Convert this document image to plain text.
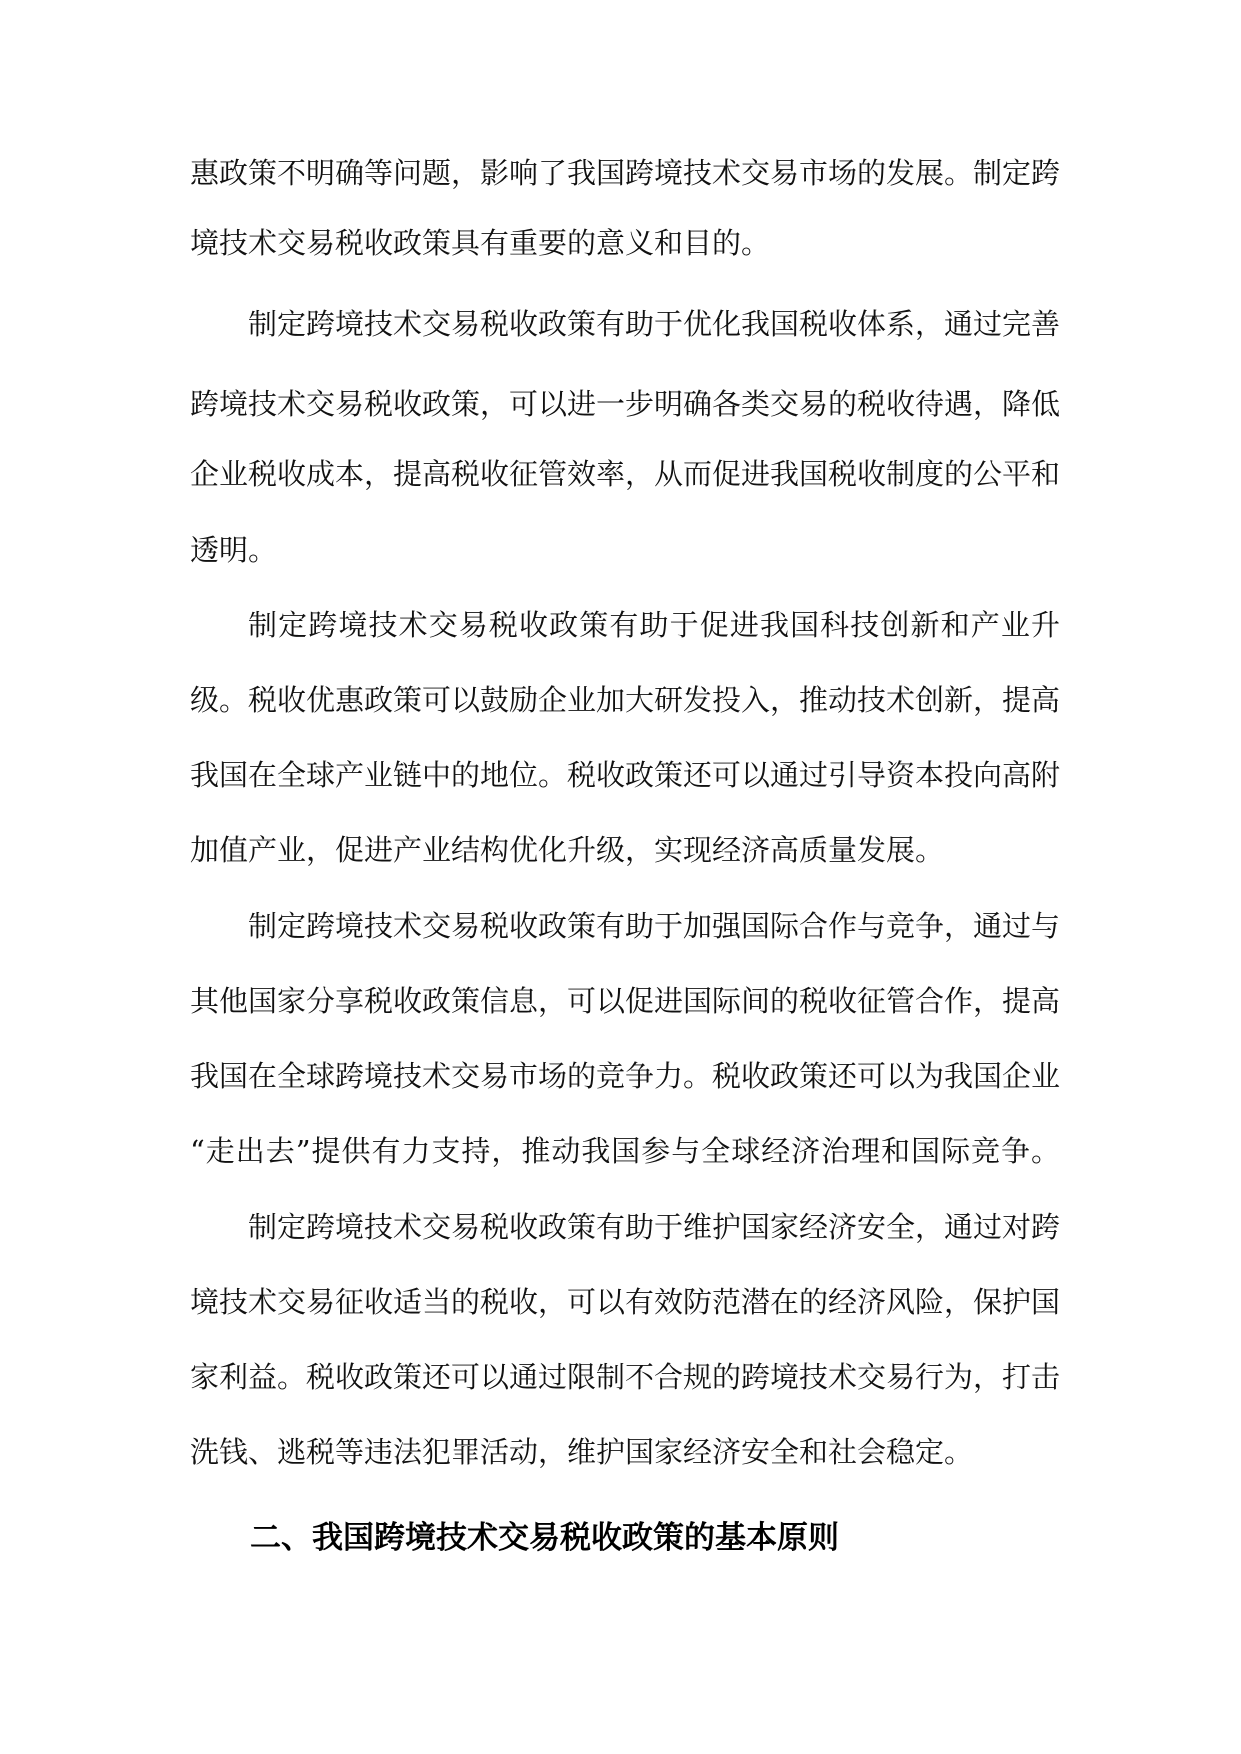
惠政策不明确等问题，影响了我国跨境技术交易市场的发展。制定跨
境技术交易税收政策具有重要的意义和目的。
制定跨境技术交易税收政策有助于优化我国税收体系，通过完善
跨境技术交易税收政策，可以进一步明确各类交易的税收待遇，降低
企业税收成本，提高税收征管效率，从而促进我国税收制度的公平和
透明。
制定跨境技术交易税收政策有助于促进我国科技创新和产业升
级。税收优惠政策可以鼓励企业加大研发投入，推动技术创新，提高
我国在全球产业链中的地位。税收政策还可以通过引导资本投向高附
加值产业，促进产业结构优化升级，实现经济高质量发展。
制定跨境技术交易税收政策有助于加强国际合作与竞争，通过与
其他国家分享税收政策信息，可以促进国际间的税收征管合作，提高
我国在全球跨境技术交易市场的竞争力。税收政策还可以为我国企业
“走出去”提供有力支持，推动我国参与全球经济治理和国际竞争。
制定跨境技术交易税收政策有助于维护国家经济安全，通过对跨
境技术交易征收适当的税收，可以有效防范潜在的经济风险，保护国
家利益。税收政策还可以通过限制不合规的跨境技术交易行为，打击
洗钱、逃税等违法犯罪活动，维护国家经济安全和社会稳定。
二、我国跨境技术交易税收政策的基本原则
